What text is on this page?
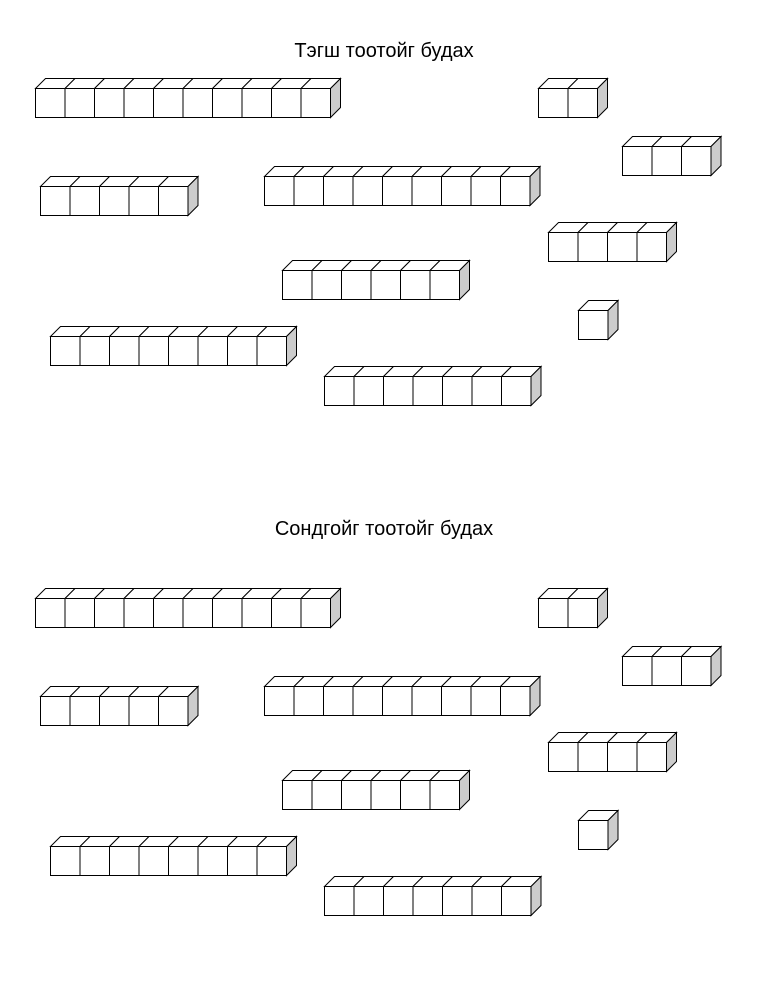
Тэгш тоотойг будах
Сондгойг тоотойг будах
